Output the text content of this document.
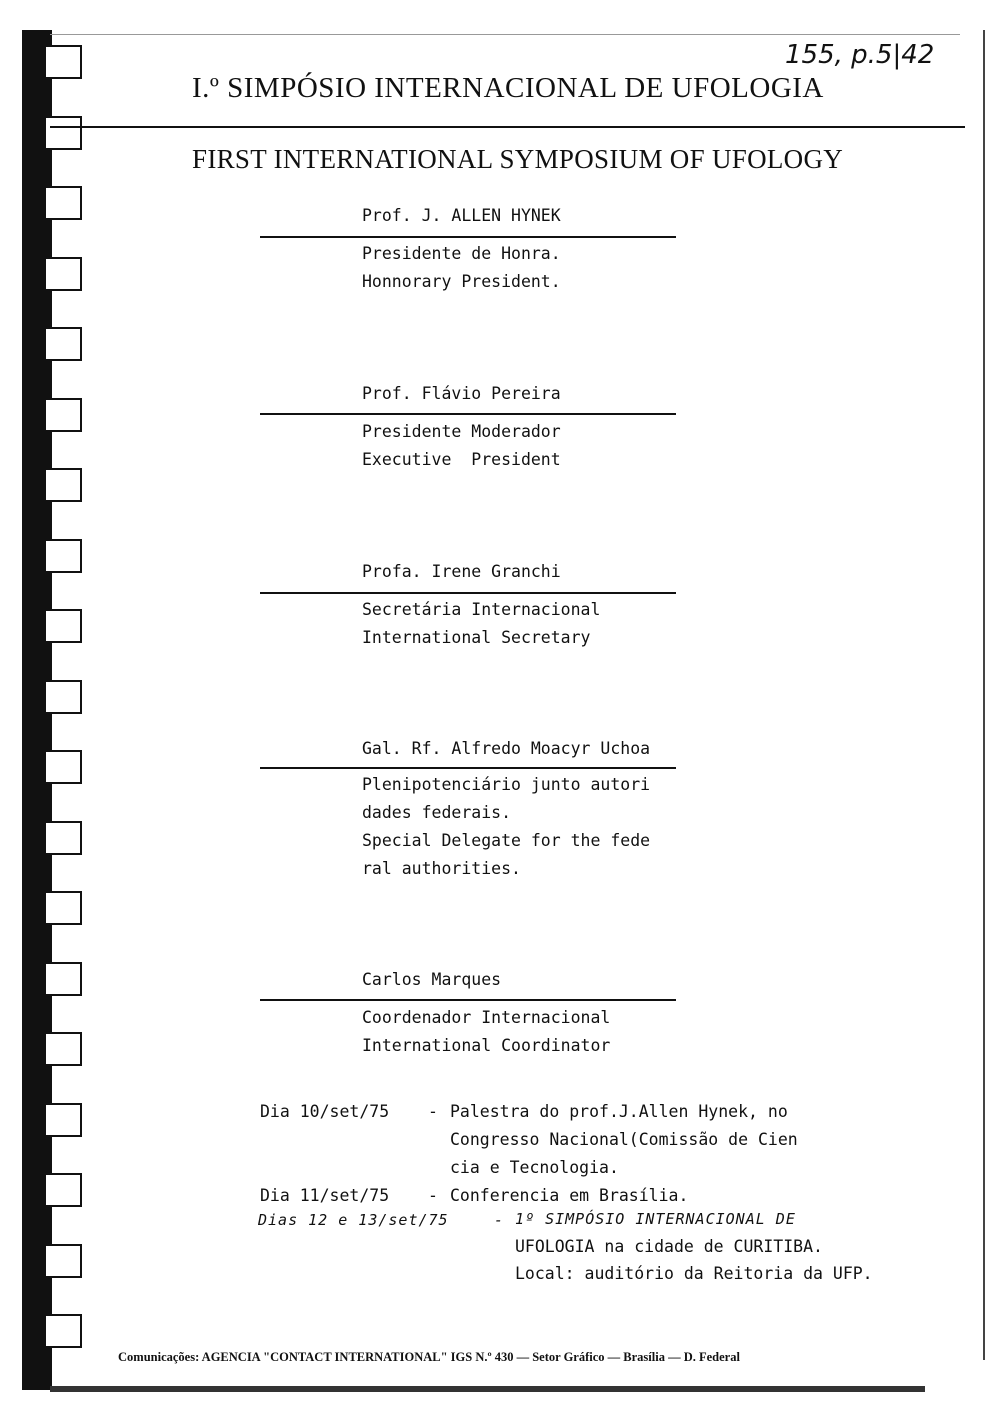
155, p.5|42
I.º SIMPÓSIO INTERNACIONAL DE UFOLOGIA
FIRST INTERNATIONAL SYMPOSIUM OF UFOLOGY
Prof. J. ALLEN HYNEK
Presidente de Honra.
Honnorary President.
Prof. Flávio Pereira
Presidente Moderador
Executive  President
Profa. Irene Granchi
Secretária Internacional
International Secretary
Gal. Rf. Alfredo Moacyr Uchoa
Plenipotenciário junto autori
dades federais.
Special Delegate for the fede
ral authorities.
Carlos Marques
Coordenador Internacional
International Coordinator
Dia 10/set/75 - Palestra do prof.J.Allen Hynek, no
Congresso Nacional(Comissão de Cien
cia e Tecnologia.
Dia 11/set/75 - Conferencia em Brasília.
Dias 12 e 13/set/75	- 1º SIMPÓSIO INTERNACIONAL DE
UFOLOGIA na cidade de CURITIBA.
Local: auditório da Reitoria da UFP.
Comunicações: AGENCIA "CONTACT INTERNATIONAL" IGS N.º 430 — Setor Gráfico — Brasília — D. Federal
